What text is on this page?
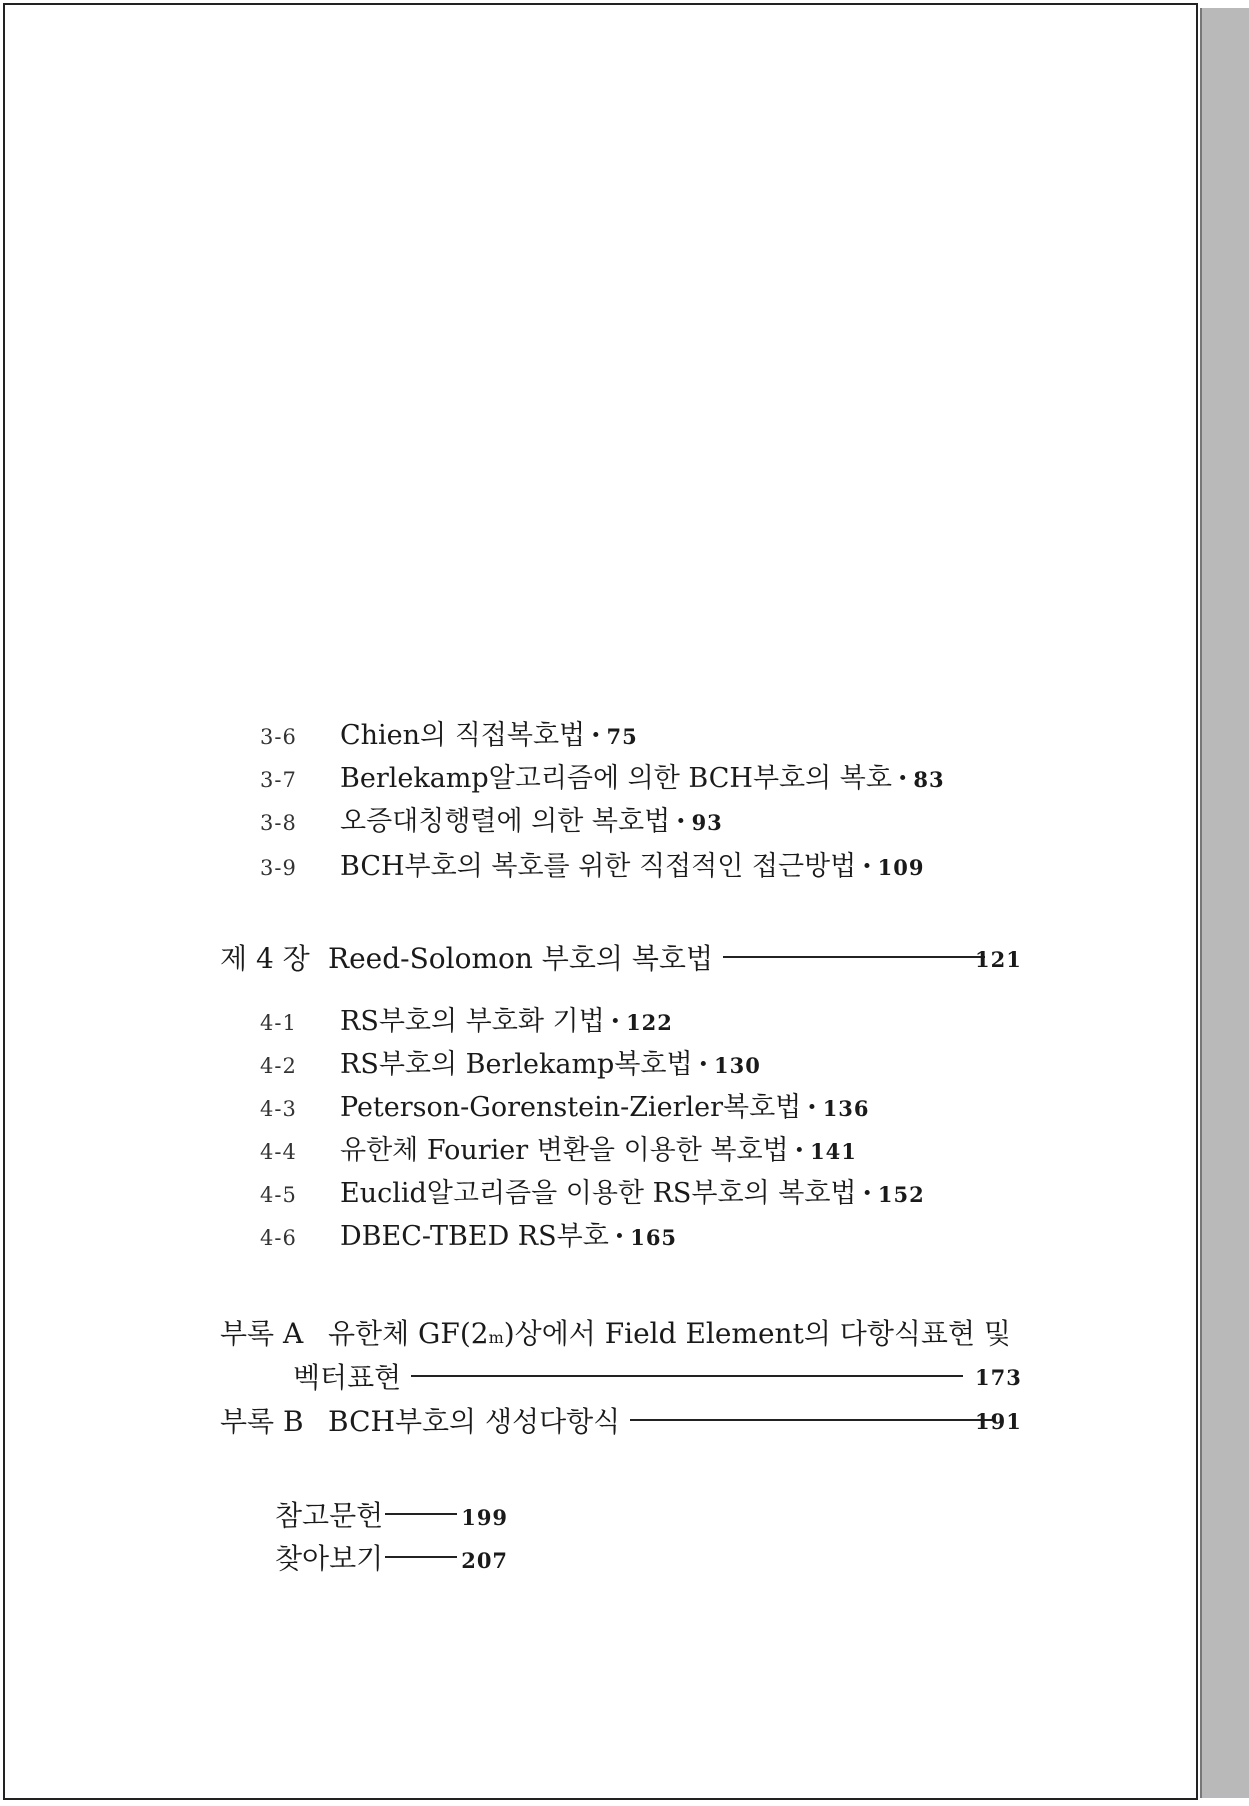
3-6	Chien의 직접복호법 · 75
3-7	Berlekamp알고리즘에 의한 BCH부호의 복호 · 83
3-8	오증대칭행렬에 의한 복호법 · 93
3-9	BCH부호의 복호를 위한 직접적인 접근방법 · 109
제 4 장 Reed-Solomon 부호의 복호법	121
4-1	RS부호의 부호화 기법 · 122
4-2	RS부호의 Berlekamp복호법 · 130
4-3	Peterson-Gorenstein-Zierler복호법 · 136
4-4	유한체 Fourier 변환을 이용한 복호법 · 141
4-5	Euclid알고리즘을 이용한 RS부호의 복호법 · 152
4-6	DBEC-TBED RS부호 · 165
부록 A 유한체 GF(2 m )상에서 Field Element의 다항식표현 및
벡터표현	173
부록 B BCH부호의 생성다항식	191
참고문헌	199
찾아보기	207
